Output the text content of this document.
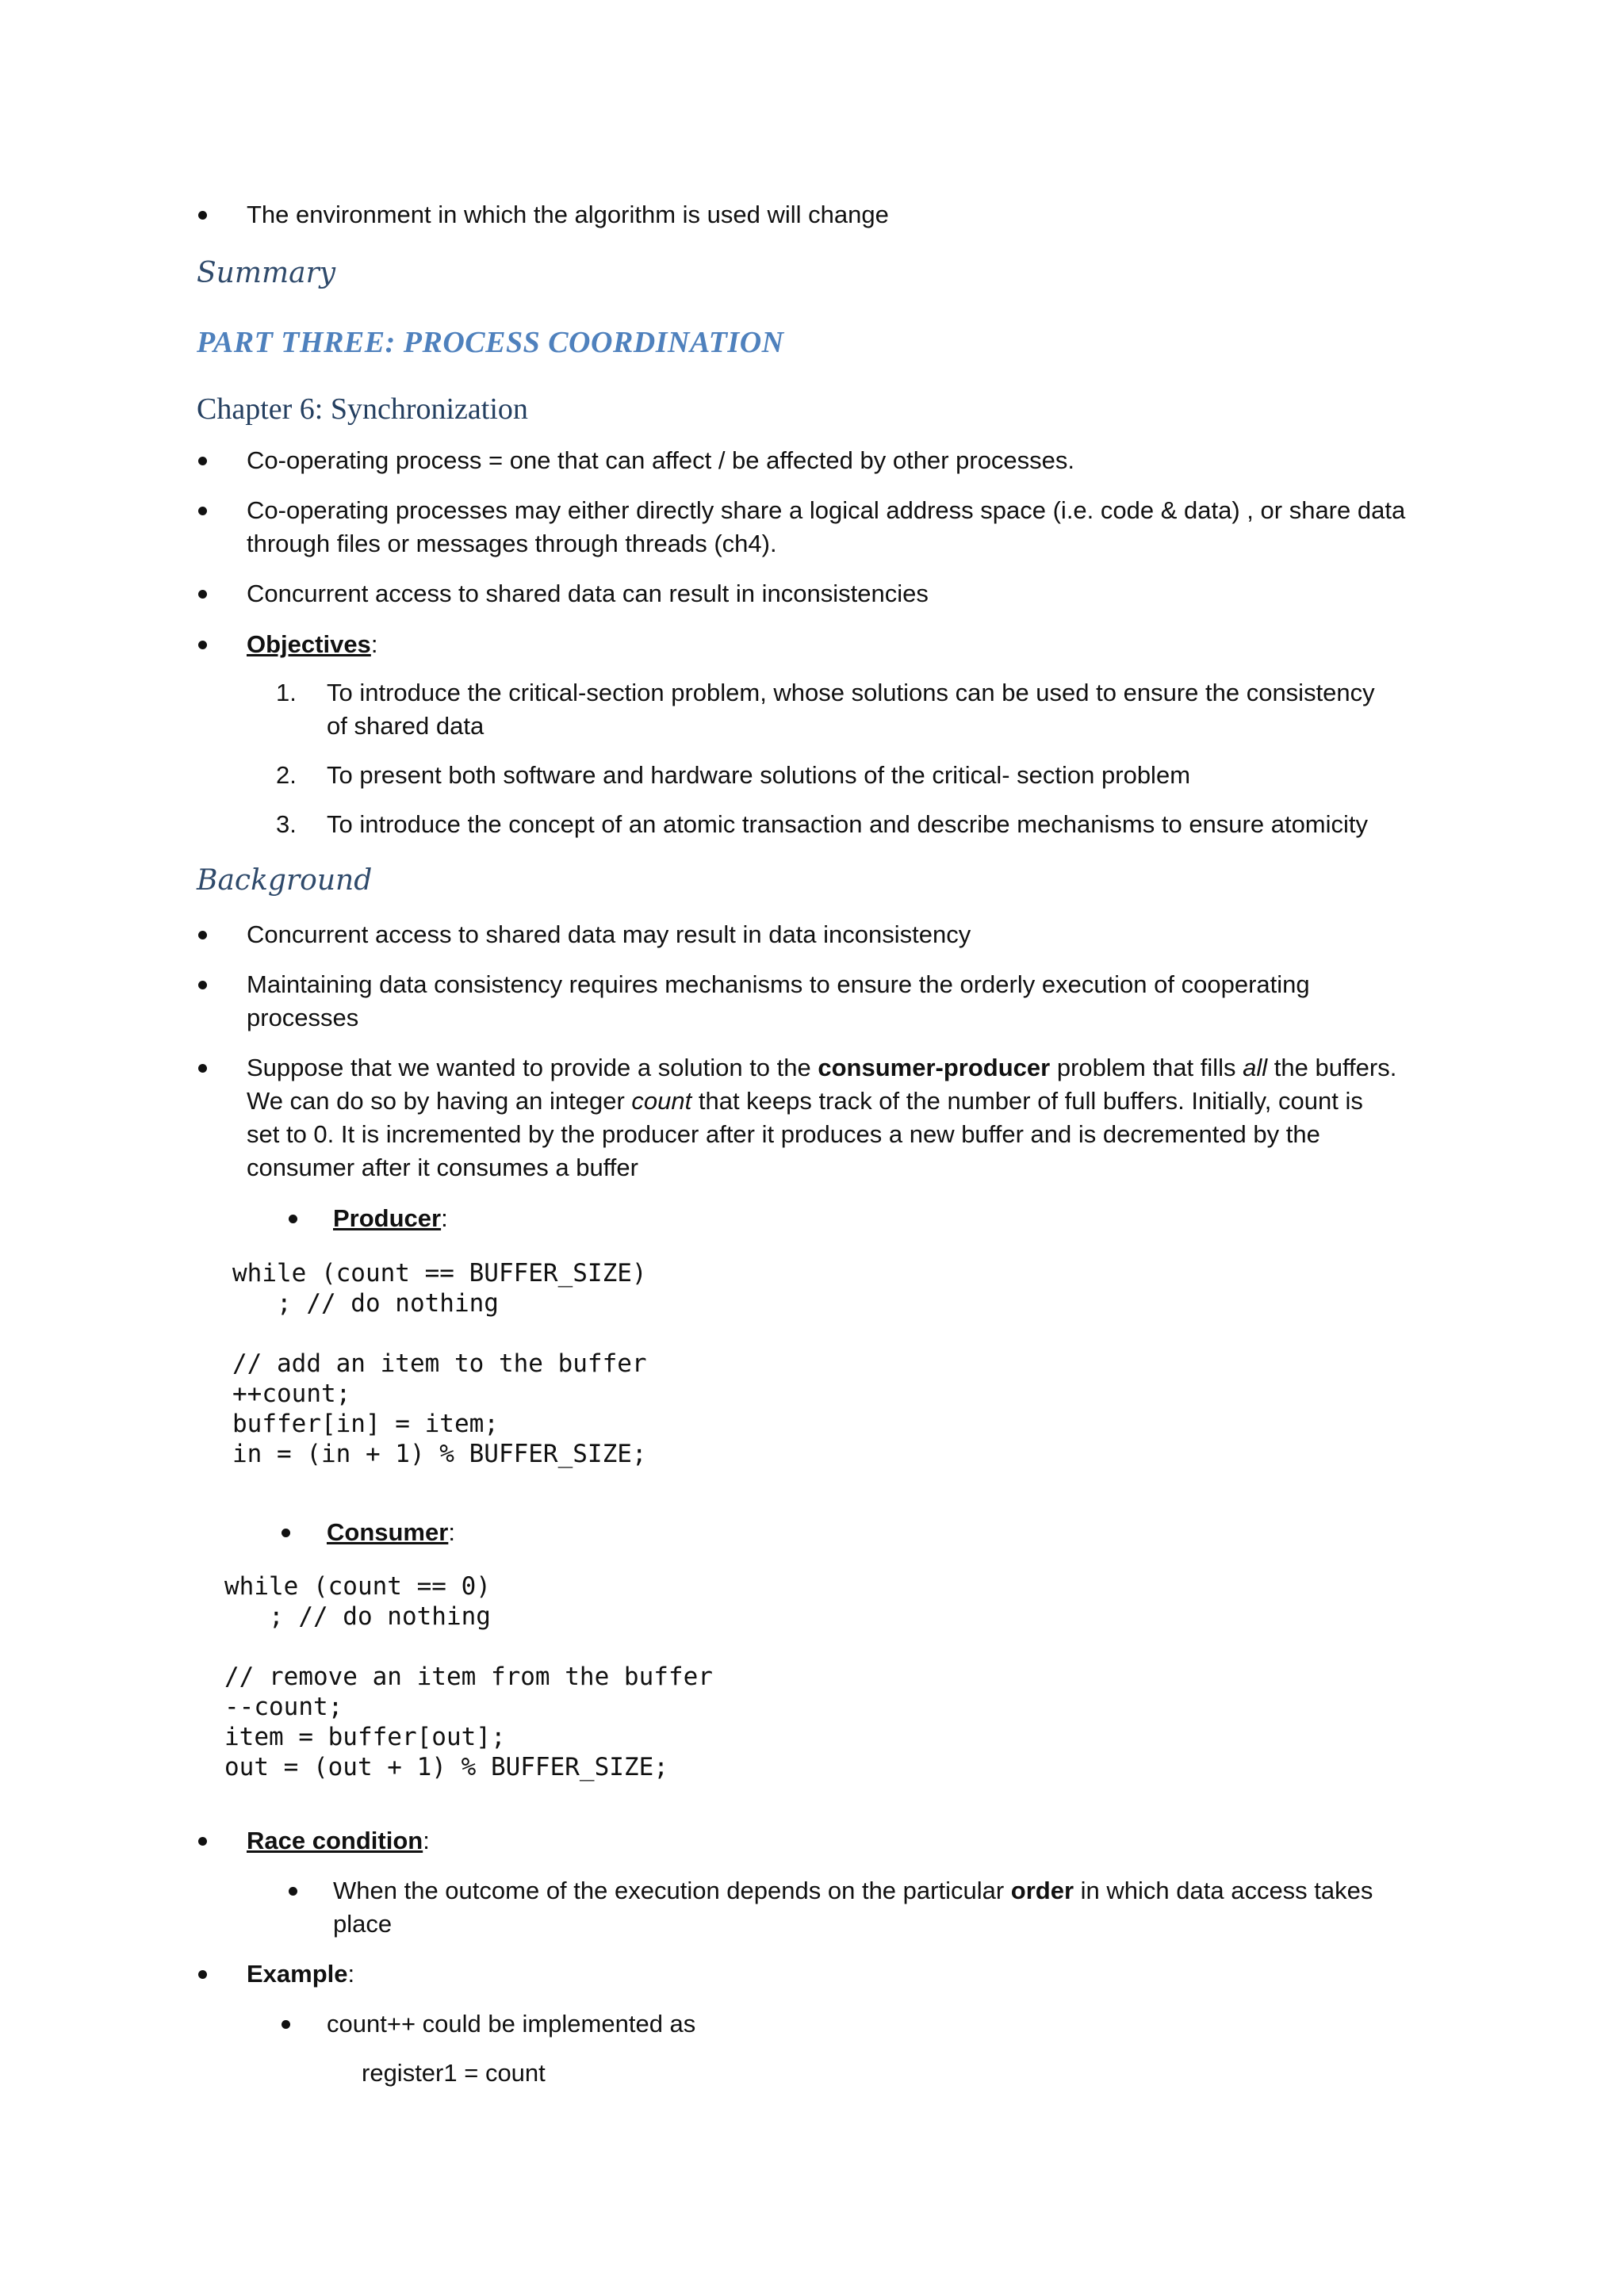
The environment in which the algorithm is used will change
Summary
PART THREE: PROCESS COORDINATION
Chapter 6: Synchronization
Co-operating process = one that can affect / be affected by other processes.
Co-operating processes may either directly share a logical address space (i.e. code & data) , or share data
through files or messages through threads (ch4).
Concurrent access to shared data can result in inconsistencies
Objectives:
1. To introduce the critical-section problem, whose solutions can be used to ensure the consistency
of shared data
2. To present both software and hardware solutions of the critical- section problem
3. To introduce the concept of an atomic transaction and describe mechanisms to ensure atomicity
Background
Concurrent access to shared data may result in data inconsistency
Maintaining data consistency requires mechanisms to ensure the orderly execution of cooperating
processes
Suppose that we wanted to provide a solution to the consumer-producer problem that fills all the buffers.
We can do so by having an integer count that keeps track of the number of full buffers. Initially, count is
set to 0. It is incremented by the producer after it produces a new buffer and is decremented by the
consumer after it consumes a buffer
Producer:
while (count == BUFFER_SIZE)
; // do nothing

// add an item to the buffer
++count;
buffer[in] = item;
in = (in + 1) % BUFFER_SIZE;
Consumer:
while (count == 0)
; // do nothing

// remove an item from the buffer
--count;
item = buffer[out];
out = (out + 1) % BUFFER_SIZE;
Race condition:
When the outcome of the execution depends on the particular order in which data access takes
place
Example:
count++ could be implemented as
register1 = count
